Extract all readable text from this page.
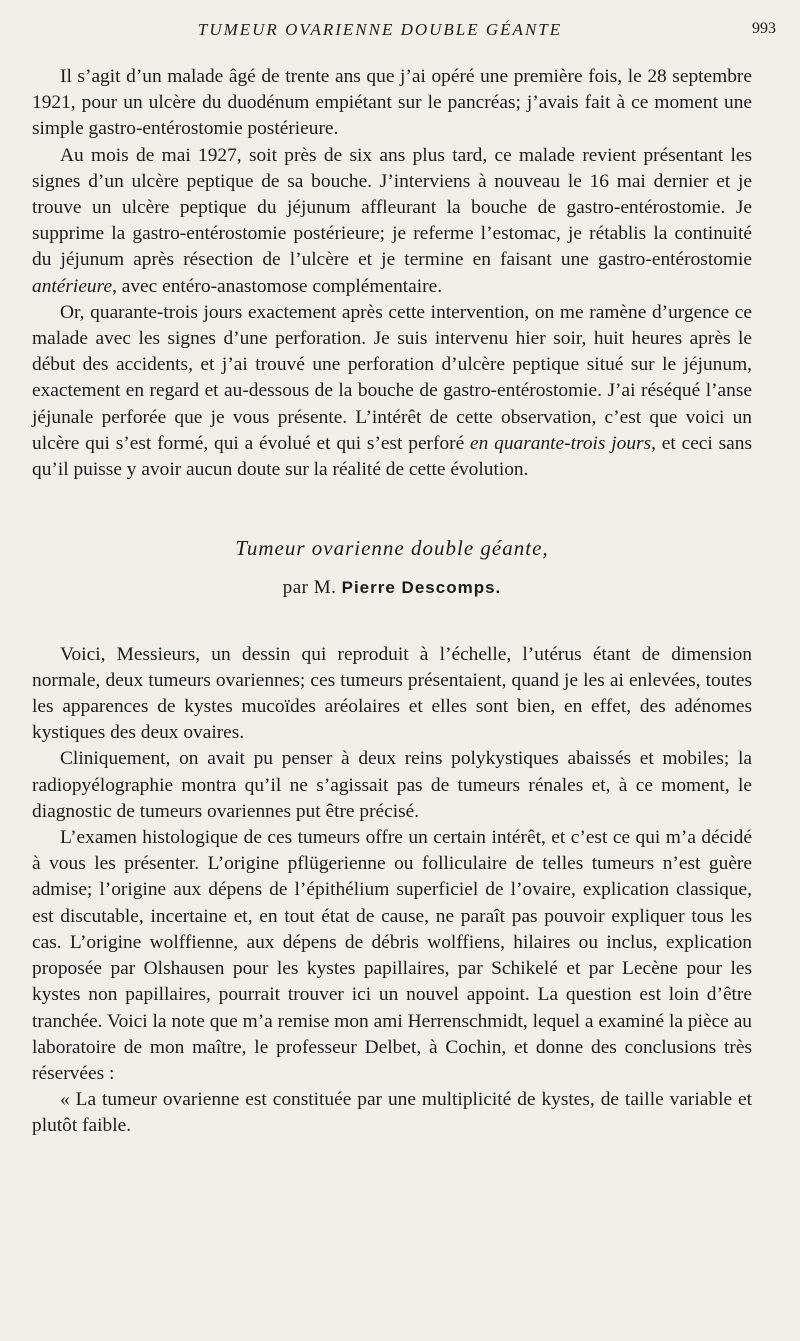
TUMEUR OVARIENNE DOUBLE GÉANTE	993

Il s’agit d’un malade âgé de trente ans que j’ai opéré une première fois, le 28 septembre 1921, pour un ulcère du duodénum empiétant sur le pancréas; j’avais fait à ce moment une simple gastro-entérostomie postérieure.

Au mois de mai 1927, soit près de six ans plus tard, ce malade revient présentant les signes d’un ulcère peptique de sa bouche. J’interviens à nouveau le 16 mai dernier et je trouve un ulcère peptique du jéjunum affleurant la bouche de gastro-entérostomie. Je supprime la gastro-entérostomie postérieure; je referme l’estomac, je rétablis la continuité du jéjunum après résection de l’ulcère et je termine en faisant une gastro-entérostomie antérieure, avec entéro-anastomose complémentaire.

Or, quarante-trois jours exactement après cette intervention, on me ramène d’urgence ce malade avec les signes d’une perforation. Je suis intervenu hier soir, huit heures après le début des accidents, et j’ai trouvé une perforation d’ulcère peptique situé sur le jéjunum, exactement en regard et au-dessous de la bouche de gastro-entérostomie. J’ai réséqué l’anse jéjunale perforée que je vous présente. L’intérêt de cette observation, c’est que voici un ulcère qui s’est formé, qui a évolué et qui s’est perforé en quarante-trois jours, et ceci sans qu’il puisse y avoir aucun doute sur la réalité de cette évolution.

Tumeur ovarienne double géante,
par M. Pierre Descomps.

Voici, Messieurs, un dessin qui reproduit à l’échelle, l’utérus étant de dimension normale, deux tumeurs ovariennes; ces tumeurs présentaient, quand je les ai enlevées, toutes les apparences de kystes mucoïdes aréolaires et elles sont bien, en effet, des adénomes kystiques des deux ovaires.

Cliniquement, on avait pu penser à deux reins polykystiques abaissés et mobiles; la radiopyélographie montra qu’il ne s’agissait pas de tumeurs rénales et, à ce moment, le diagnostic de tumeurs ovariennes put être précisé.

L’examen histologique de ces tumeurs offre un certain intérêt, et c’est ce qui m’a décidé à vous les présenter. L’origine pflügerienne ou folliculaire de telles tumeurs n’est guère admise; l’origine aux dépens de l’épithélium superficiel de l’ovaire, explication classique, est discutable, incertaine et, en tout état de cause, ne paraît pas pouvoir expliquer tous les cas. L’origine wolffienne, aux dépens de débris wolffiens, hilaires ou inclus, explication proposée par Olshausen pour les kystes papillaires, par Schikelé et par Lecène pour les kystes non papillaires, pourrait trouver ici un nouvel appoint. La question est loin d’être tranchée. Voici la note que m’a remise mon ami Herrenschmidt, lequel a examiné la pièce au laboratoire de mon maître, le professeur Delbet, à Cochin, et donne des conclusions très réservées :

« La tumeur ovarienne est constituée par une multiplicité de kystes, de taille variable et plutôt faible.
